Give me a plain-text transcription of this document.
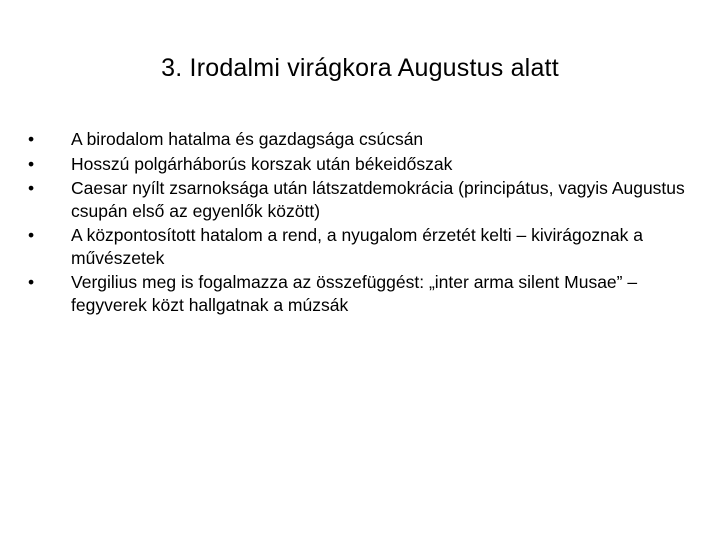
3. Irodalmi virágkora Augustus alatt
•	A birodalom hatalma és gazdagsága csúcsán
•	Hosszú polgárháborús korszak után békeidőszak
•	Caesar nyílt zsarnoksága után látszatdemokrácia (principátus, vagyis Augustus csupán első az egyenlők között)
•	A központosított hatalom a rend, a nyugalom érzetét kelti – kivirágoznak a művészetek
•	Vergilius meg is fogalmazza az összefüggést: „inter arma silent Musae” – fegyverek közt hallgatnak a múzsák
